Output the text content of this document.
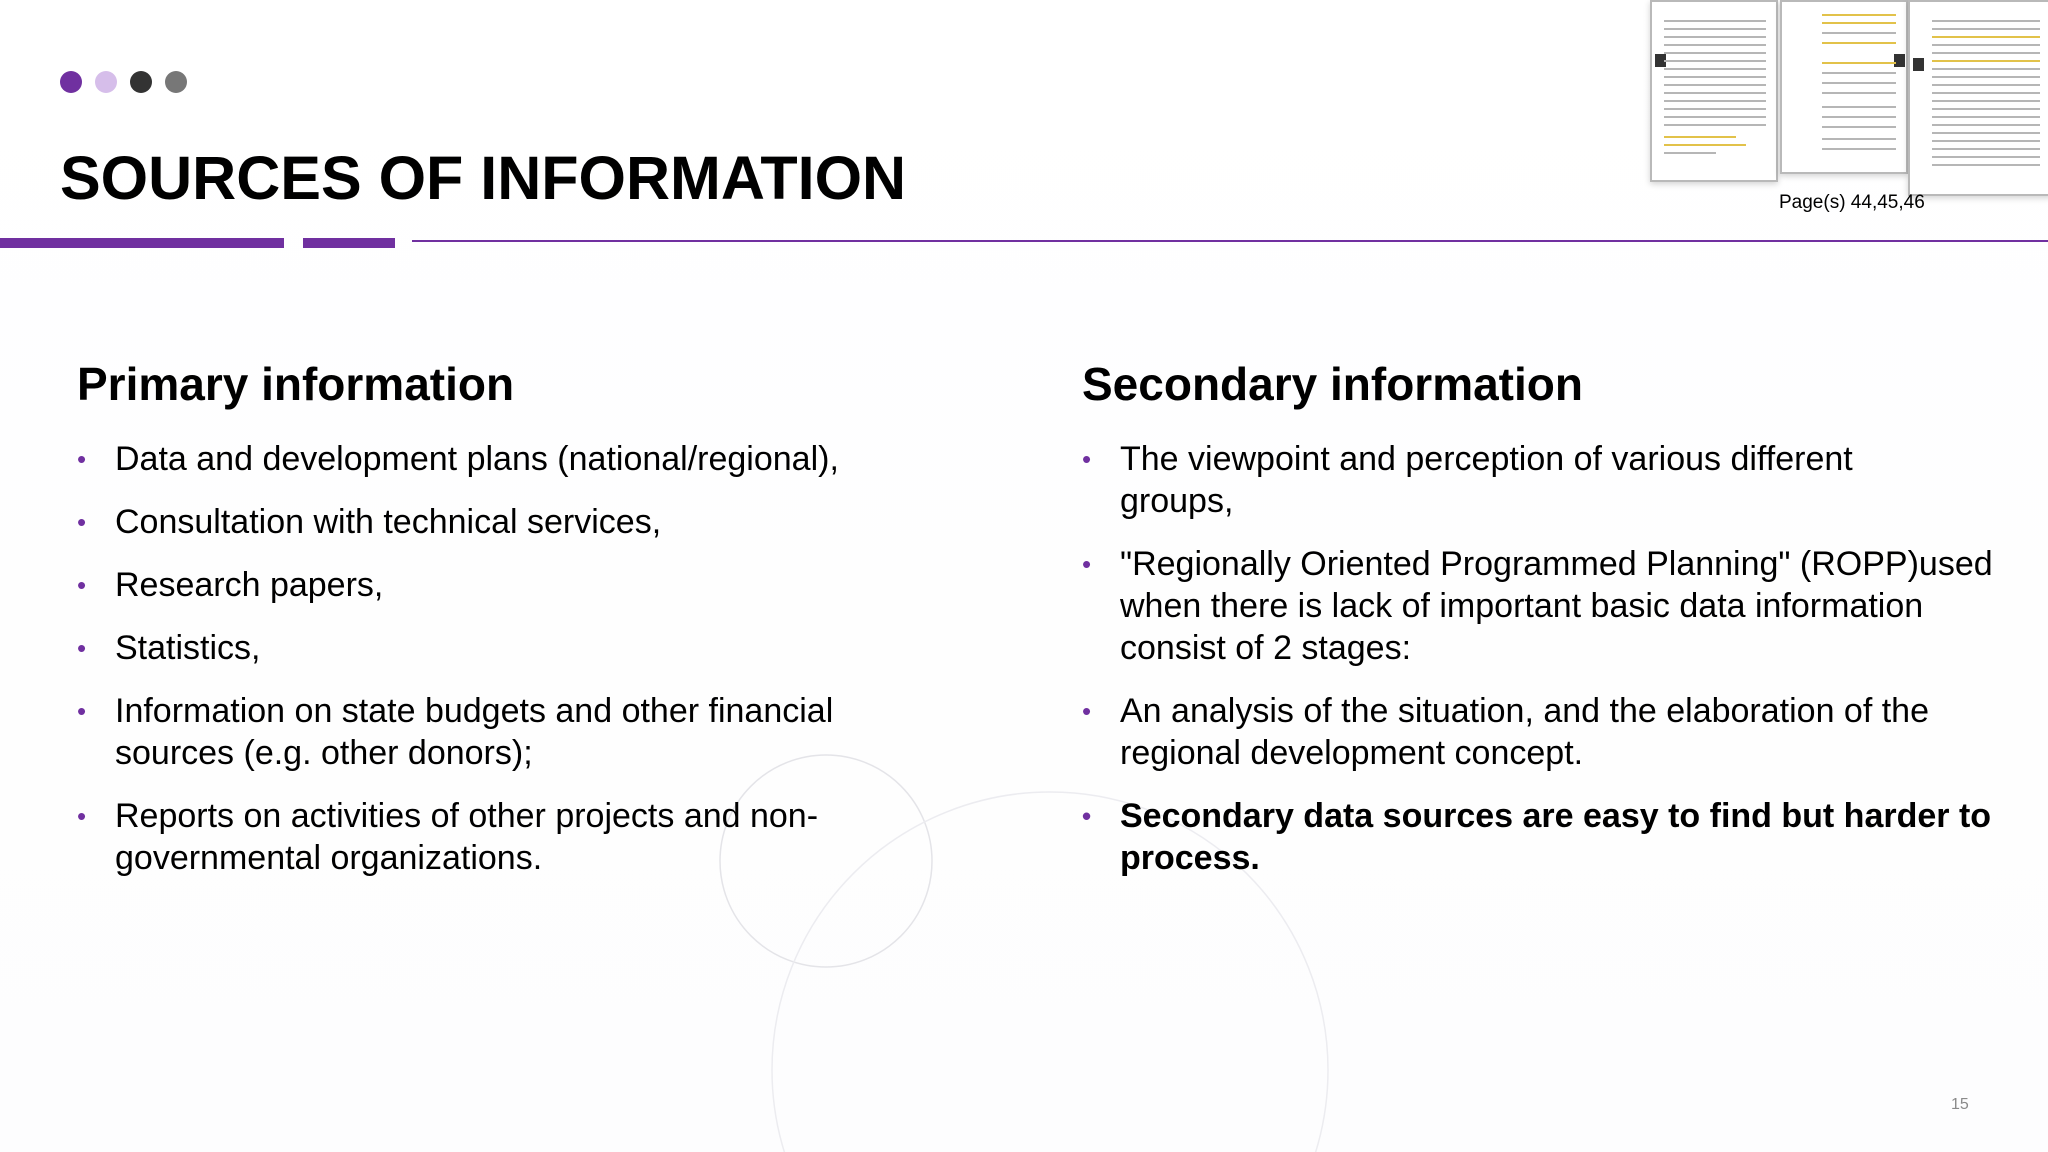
SOURCES OF INFORMATION	Page(s) 44,45,46
Primary information
• Data and development plans (national/regional),
• Consultation with technical services,
• Research papers,
• Statistics,
• Information on state budgets and other financial sources (e.g. other donors);
• Reports on activities of other projects and non-governmental organizations.
Secondary information
• The viewpoint and perception of various different groups,
• "Regionally Oriented Programmed Planning" (ROPP)used when there is lack of important basic data information consist of 2 stages:
• An analysis of the situation, and the elaboration of the regional development concept.
• Secondary data sources are easy to find but harder to process.
15
